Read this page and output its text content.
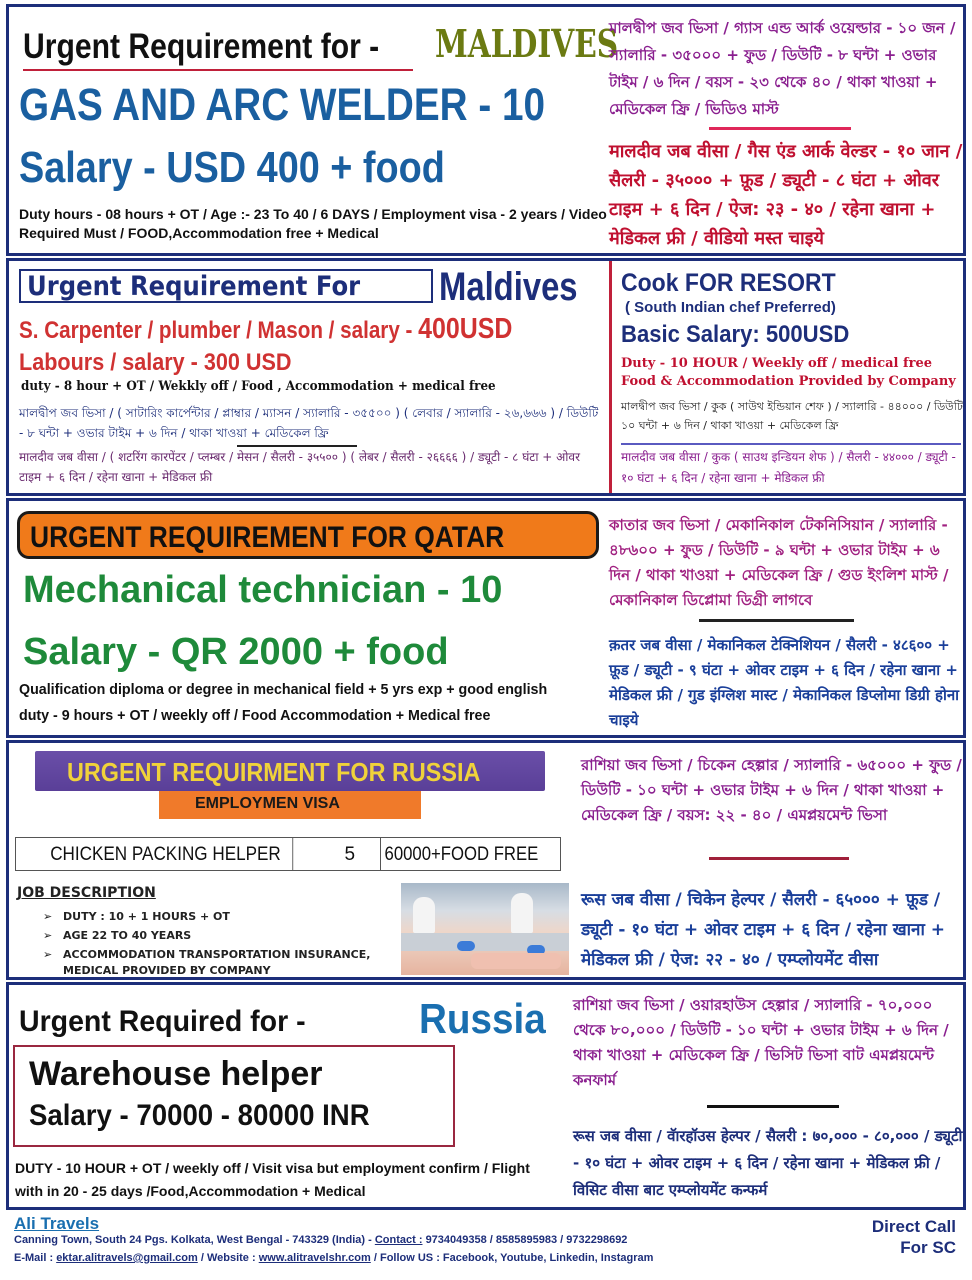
Urgent Requirement for - MALDIVES
GAS AND ARC WELDER - 10
Salary - USD 400 + food
Duty hours - 08 hours + OT / Age :- 23 To 40 / 6 DAYS / Employment visa - 2 years / Video Required Must / FOOD,Accommodation free + Medical
মালদ্বীপ জব ভিসা / গ্যাস এন্ড আর্ক ওয়েল্ডার - ১০ জন / স্যালারি - ৩৫০০০ + ফুড / ডিউটি - ৮ ঘন্টা + ওভার টাইম / ৬ দিন / বয়স - ২৩ থেকে ৪০ / থাকা খাওয়া + মেডিকেল ফ্রি / ভিডিও মাস্ট
मालदीव जब वीसा / गैस एंड आर्क वेल्डर - १० जान / सैलरी - ३५००० + फ़ूड / ड्यूटी - ८ घंटा + ओवर टाइम + ६ दिन / ऐज: २३ - ४० / रहेना खाना + मेडिकल फ्री / वीडियो मस्त चाइये
Urgent Requirement For Maldives
S. Carpenter / plumber / Mason / salary - 400USD
Labours / salary - 300 USD
duty - 8 hour + OT / Wekkly off / Food , Accommodation + medical free
মালদ্বীপ জব ভিসা / ( সাটারিং কার্পেন্টার / প্লাম্বার / ম্যাসন / স্যালারি - ৩৫৫০০ ) ( লেবার / স্যালারি - ২৬,৬৬৬ ) / ডিউটি - ৮ ঘন্টা + ওভার টাইম + ৬ দিন / থাকা খাওয়া + মেডিকেল ফ্রি
मालदीव जब वीसा / ( शटरिंग कारपेंटर / प्लम्बर / मेसन / सैलरी - ३५५०० ) ( लेबर / सैलरी - २६६६६ ) / ड्यूटी - ८ घंटा + ओवर टाइम + ६ दिन / रहेना खाना + मेडिकल फ्री
Cook FOR RESORT
( South Indian chef Preferred)
Basic Salary: 500USD
Duty - 10 HOUR / Weekly off / medical free Food & Accommodation Provided by Company
মালদ্বীপ জব ভিসা / কুক ( সাউথ ইন্ডিয়ান শেফ ) / স্যালারি - ৪৪০০০ / ডিউটি ১০ ঘন্টা + ৬ দিন / থাকা খাওয়া + মেডিকেল ফ্রি
मालदीव जब वीसा / कुक ( साउथ इन्डियन शेफ ) / सैलरी - ४४००० / ड्यूटी - १० घंटा + ६ दिन / रहेना खाना + मेडिकल फ्री
URGENT REQUIREMENT FOR QATAR
Mechanical technician - 10
Salary - QR 2000 + food
Qualification diploma or degree in mechanical field + 5 yrs exp + good english
duty - 9 hours + OT / weekly off / Food Accommodation + Medical free
কাতার জব ভিসা / মেকানিকাল টেকনিসিয়ান / স্যালারি - ৪৮৬০০ + ফুড / ডিউটি - ৯ ঘন্টা + ওভার টাইম + ৬ দিন / থাকা খাওয়া + মেডিকেল ফ্রি / গুড ইংলিশ মাস্ট / মেকানিকাল ডিপ্লোমা ডিগ্রী লাগবে
क़तर जब वीसा / मेकानिकल टेक्निशियन / सैलरी - ४८६०० + फ़ूड / ड्यूटी - ९ घंटा + ओवर टाइम + ६ दिन / रहेना खाना + मेडिकल फ्री / गुड इंग्लिश मास्ट / मेकानिकल डिप्लोमा डिग्री होना चाइये
URGENT REQUIRMENT FOR RUSSIA
EMPLOYMEN VISA
CHICKEN PACKING HELPER	5	60000+FOOD FREE
JOB DESCRIPTION
➢ DUTY : 10 + 1 HOURS + OT
➢ AGE 22 TO 40 YEARS
➢ ACCOMMODATION TRANSPORTATION INSURANCE, MEDICAL PROVIDED BY COMPANY
রাশিয়া জব ভিসা / চিকেন হেল্পার / স্যালারি - ৬৫০০০ + ফুড / ডিউটি - ১০ ঘন্টা + ওভার টাইম + ৬ দিন / থাকা খাওয়া + মেডিকেল ফ্রি / বয়স: ২২ - ৪০ / এমপ্লয়মেন্ট ভিসা
रूस जब वीसा / चिकेन हेल्पर / सैलरी - ६५००० + फ़ूड / ड्यूटी - १० घंटा + ओवर टाइम + ६ दिन / रहेना खाना + मेडिकल फ्री / ऐज: २२ - ४० / एम्प्लोयमेंट वीसा
Urgent Required for -	Russia
Warehouse helper
Salary - 70000 - 80000 INR
DUTY - 10 HOUR + OT / weekly off / Visit visa but employment confirm / Flight with in 20 - 25 days /Food,Accommodation + Medical
রাশিয়া জব ভিসা / ওয়ারহাউস হেল্পার / স্যালারি - ৭০,০০০ থেকে ৮০,০০০ / ডিউটি - ১০ ঘন্টা + ওভার টাইম + ৬ দিন / থাকা খাওয়া + মেডিকেল ফ্রি / ভিসিট ভিসা বাট এমপ্লয়মেন্ট কনফার্ম
रूस जब वीसा / वॅारहॉउस हेल्पर / सैलरी : ७०,००० - ८०,००० / ड्यूटी - १० घंटा + ओवर टाइम + ६ दिन / रहेना खाना + मेडिकल फ्री / विसिट वीसा बाट एम्प्लोयमेंट कन्फर्म
Ali Travels
Canning Town, South 24 Pgs. Kolkata, West Bengal - 743329 (India) - Contact : 9734049358 / 8585895983 / 9732298692
E-Mail : ektar.alitravels@gmail.com / Website : www.alitravelshr.com / Follow US : Facebook, Youtube, Linkedin, Instagram
Direct Call
For SC
